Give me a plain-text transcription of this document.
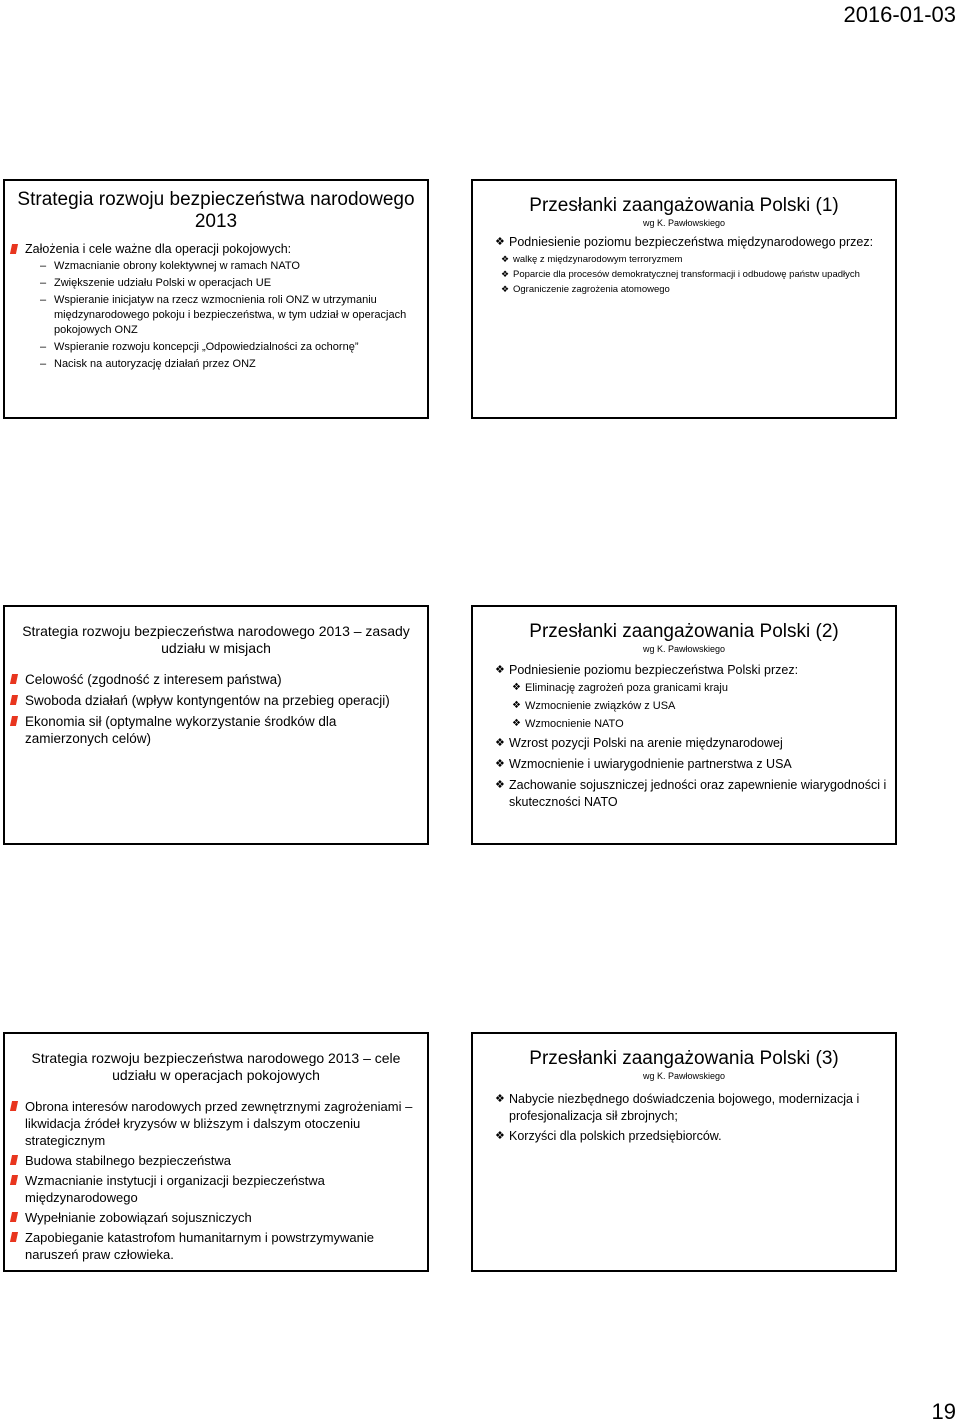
2016-01-03
Strategia rozwoju bezpieczeństwa narodowego 2013
Założenia i cele ważne dla operacji pokojowych:
– Wzmacnianie obrony kolektywnej w ramach NATO
– Zwiększenie udziału Polski w operacjach UE
– Wspieranie inicjatyw na rzecz wzmocnienia roli ONZ w utrzymaniu międzynarodowego pokoju i bezpieczeństwa, w tym udział w operacjach pokojowych ONZ
– Wspieranie rozwoju koncepcji „Odpowiedzialności za ochornę”
– Nacisk na autoryzację działań przez ONZ
Przesłanki zaangażowania Polski (1)
wg K. Pawłowskiego
❖ Podniesienie poziomu bezpieczeństwa międzynarodowego przez:
❖ walkę z międzynarodowym terroryzmem
❖ Poparcie dla procesów demokratycznej transformacji i odbudowę państw upadłych
❖ Ograniczenie zagrożenia atomowego
Strategia rozwoju bezpieczeństwa narodowego 2013 – zasady udziału w misjach
Celowość (zgodność z interesem państwa)
Swoboda działań (wpływ kontyngentów na przebieg operacji)
Ekonomia sił (optymalne wykorzystanie środków dla zamierzonych celów)
Przesłanki zaangażowania Polski (2)
wg K. Pawłowskiego
❖ Podniesienie poziomu bezpieczeństwa Polski przez:
❖ Eliminację zagrożeń poza granicami kraju
❖ Wzmocnienie związków z USA
❖ Wzmocnienie NATO
❖ Wzrost pozycji Polski na arenie międzynarodowej
❖ Wzmocnienie i uwiarygodnienie partnerstwa z USA
❖ Zachowanie sojuszniczej jedności oraz zapewnienie wiarygodności i skuteczności NATO
Strategia rozwoju bezpieczeństwa narodowego 2013 – cele udziału w operacjach pokojowych
Obrona interesów narodowych przed zewnętrznymi zagrożeniami – likwidacja źródeł kryzysów w bliższym i dalszym otoczeniu strategicznym
Budowa stabilnego bezpieczeństwa
Wzmacnianie instytucji i organizacji bezpieczeństwa międzynarodowego
Wypełnianie zobowiązań sojuszniczych
Zapobieganie katastrofom humanitarnym i powstrzymywanie naruszeń praw człowieka.
Przesłanki zaangażowania Polski (3)
wg K. Pawłowskiego
❖ Nabycie niezbędnego doświadczenia bojowego, modernizacja i profesjonalizacja sił zbrojnych;
❖ Korzyści dla polskich przedsiębiorców.
19
